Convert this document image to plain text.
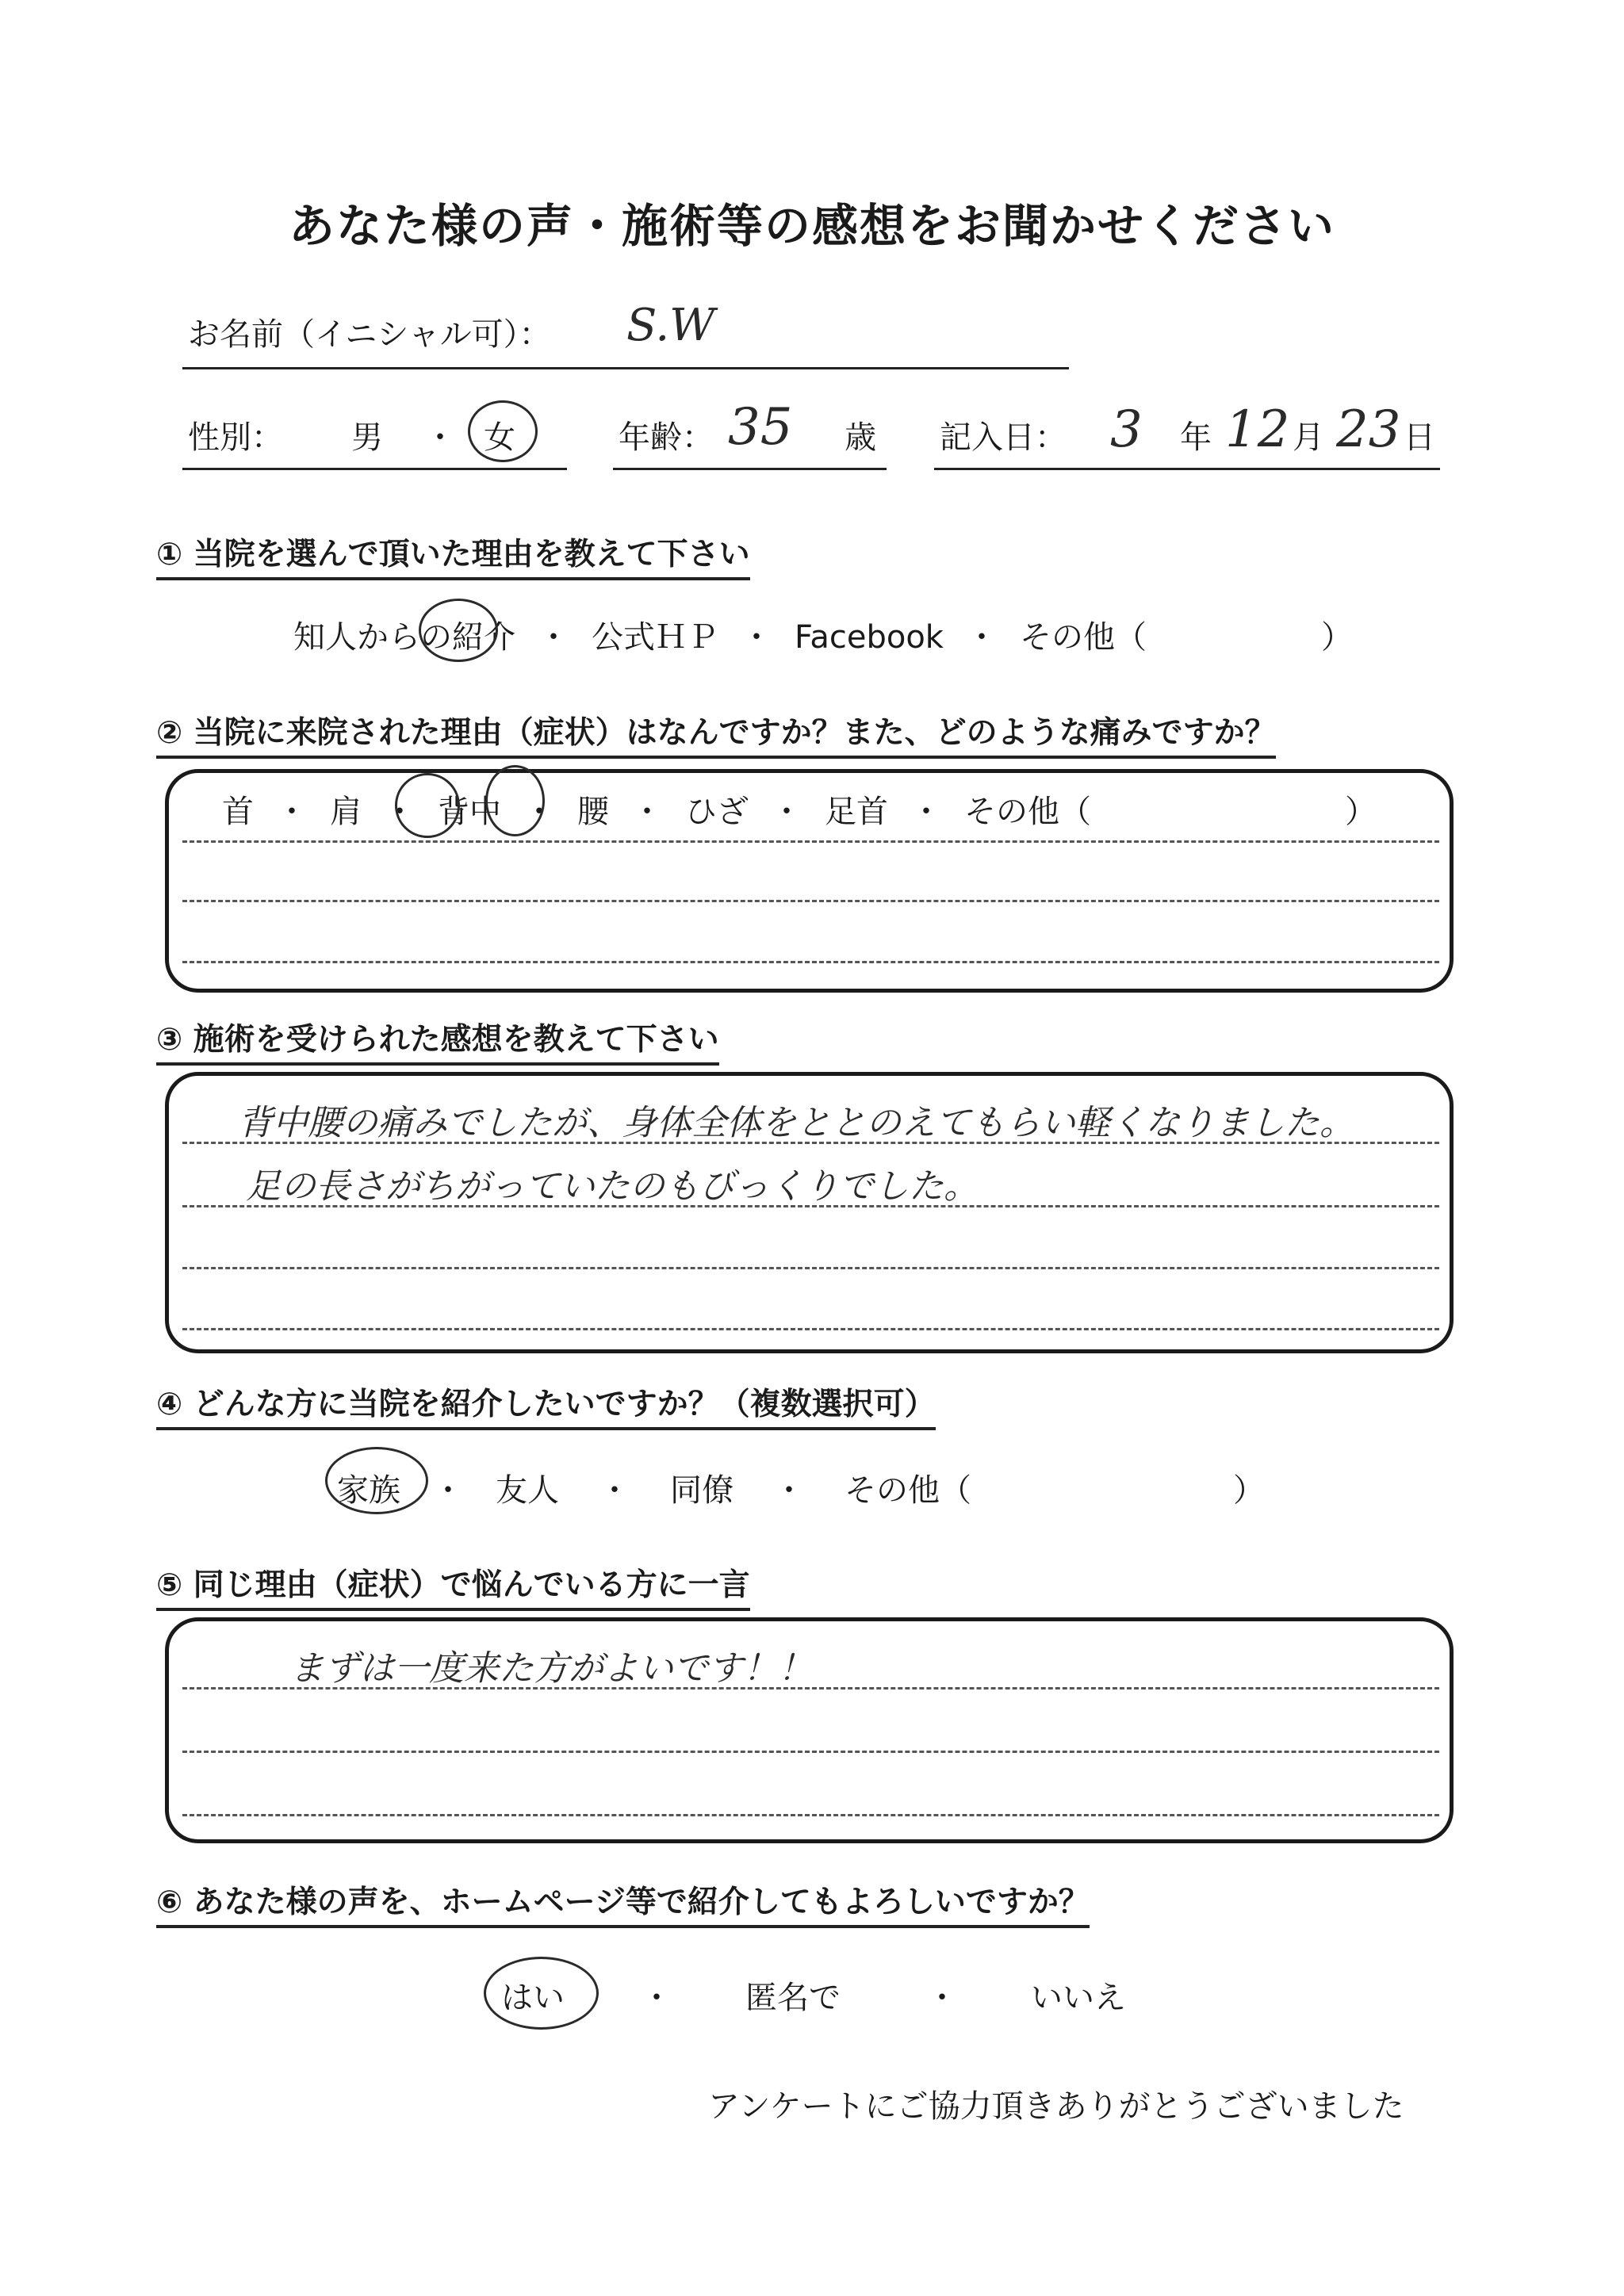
あなた様の声・施術等の感想をお聞かせください
お名前（イニシャル可）： S.W
性別： 男 ・ 女	年齢： 35 歳 記入日： 3 年 12 月 23 日
① 当院を選んで頂いた理由を教えて下さい
知人からの紹介 ・ 公式ＨＰ ・ Facebook ・ その他（	）
② 当院に来院された理由（症状）はなんですか？また、どのような痛みですか？
首 ・ 肩 ・ 背中 ・ 腰 ・ ひざ ・ 足首 ・ その他（	）
③ 施術を受けられた感想を教えて下さい
背中腰の痛みでしたが、身体全体をととのえてもらい軽くなりました。
足の長さがちがっていたのもびっくりでした。
④ どんな方に当院を紹介したいですか？（複数選択可）
家族 ・ 友人 ・ 同僚 ・ その他（	）
⑤ 同じ理由（症状）で悩んでいる方に一言
まずは一度来た方がよいです！！
⑥ あなた様の声を、ホームページ等で紹介してもよろしいですか？
はい ・ 匿名で	・ いいえ
アンケートにご協力頂きありがとうございました
